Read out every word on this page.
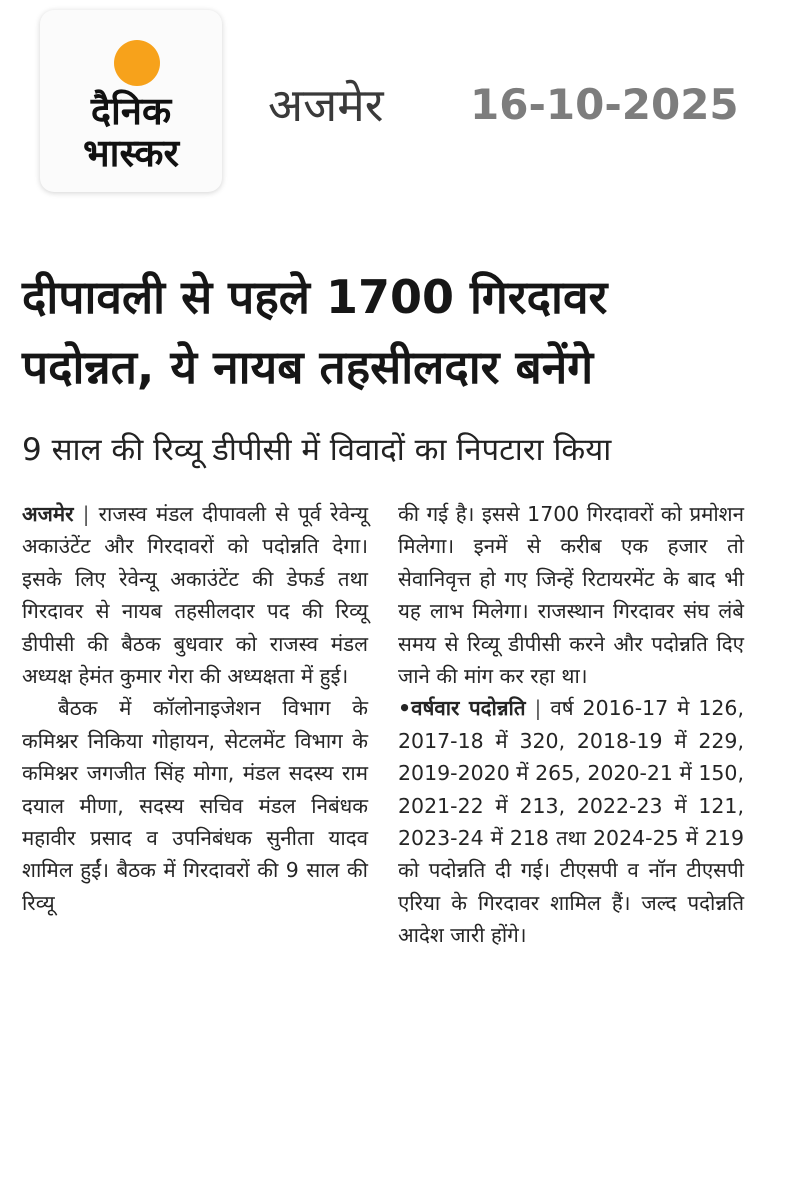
दैनिक
भास्कर
अजमेर 16-10-2025
दीपावली से पहले 1700 गिरदावर
पदोन्नत, ये नायब तहसीलदार बनेंगे
9 साल की रिव्यू डीपीसी में विवादों का निपटारा किया

अजमेर | राजस्व मंडल दीपावली से पूर्व रेवेन्यू अकाउंटेंट और गिरदावरों को पदोन्नति देगा। इसके लिए रेवेन्यू अकाउंटेंट की डेफर्ड तथा गिरदावर से नायब तहसीलदार पद की रिव्यू डीपीसी की बैठक बुधवार को राजस्व मंडल अध्यक्ष हेमंत कुमार गेरा की अध्यक्षता में हुई।

बैठक में कॉलोनाइजेशन विभाग के कमिश्नर निकिया गोहायन, सेटलमेंट विभाग के कमिश्नर जगजीत सिंह मोगा, मंडल सदस्य राम दयाल मीणा, सदस्य सचिव मंडल निबंधक महावीर प्रसाद व उपनिबंधक सुनीता यादव शामिल हुईं। बैठक में गिरदावरों की 9 साल की रिव्यू

की गई है। इससे 1700 गिरदावरों को प्रमोशन मिलेगा। इनमें से करीब एक हजार तो सेवानिवृत्त हो गए जिन्हें रिटायरमेंट के बाद भी यह लाभ मिलेगा। राजस्थान गिरदावर संघ लंबे समय से रिव्यू डीपीसी करने और पदोन्नति दिए जाने की मांग कर रहा था।

•वर्षवार पदोन्नति | वर्ष 2016-17 मे 126, 2017-18 में 320, 2018-19 में 229, 2019-2020 में 265, 2020-21 में 150, 2021-22 में 213, 2022-23 में 121, 2023-24 में 218 तथा 2024-25 में 219 को पदोन्नति दी गई। टीएसपी व नॉन टीएसपी एरिया के गिरदावर शामिल हैं। जल्द पदोन्नति आदेश जारी होंगे।
